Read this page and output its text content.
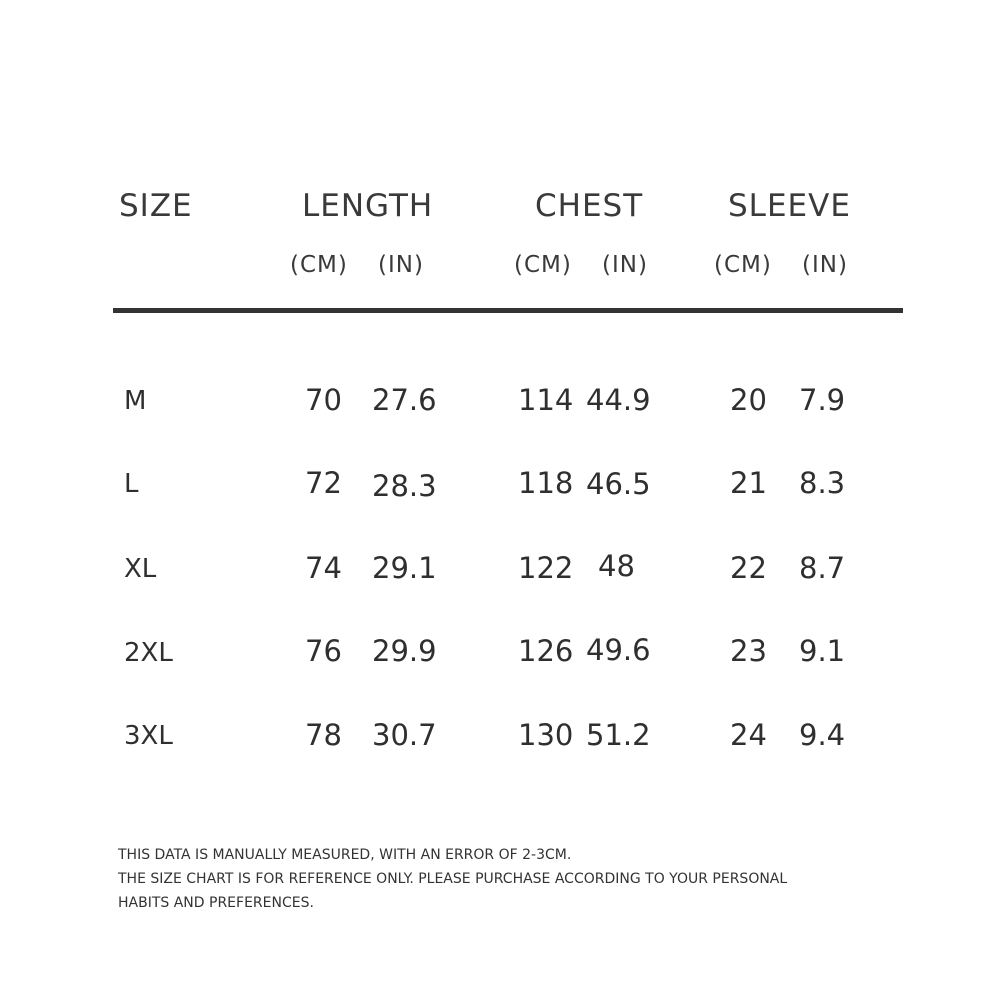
SIZE	LENGTH	CHEST	SLEEVE
(CM) (IN)	(CM) (IN)	(CM) (IN)
M	70 27.6	114 44.9	20 7.9
L	72 28.3	118 46.5	21 8.3
XL	74 29.1	122 48	22 8.7
2XL	76 29.9	126 49.6	23 9.1
3XL	78 30.7	130 51.2	24 9.4
THIS DATA IS MANUALLY MEASURED, WITH AN ERROR OF 2-3CM.
THE SIZE CHART IS FOR REFERENCE ONLY. PLEASE PURCHASE ACCORDING TO YOUR PERSONAL
HABITS AND PREFERENCES.
